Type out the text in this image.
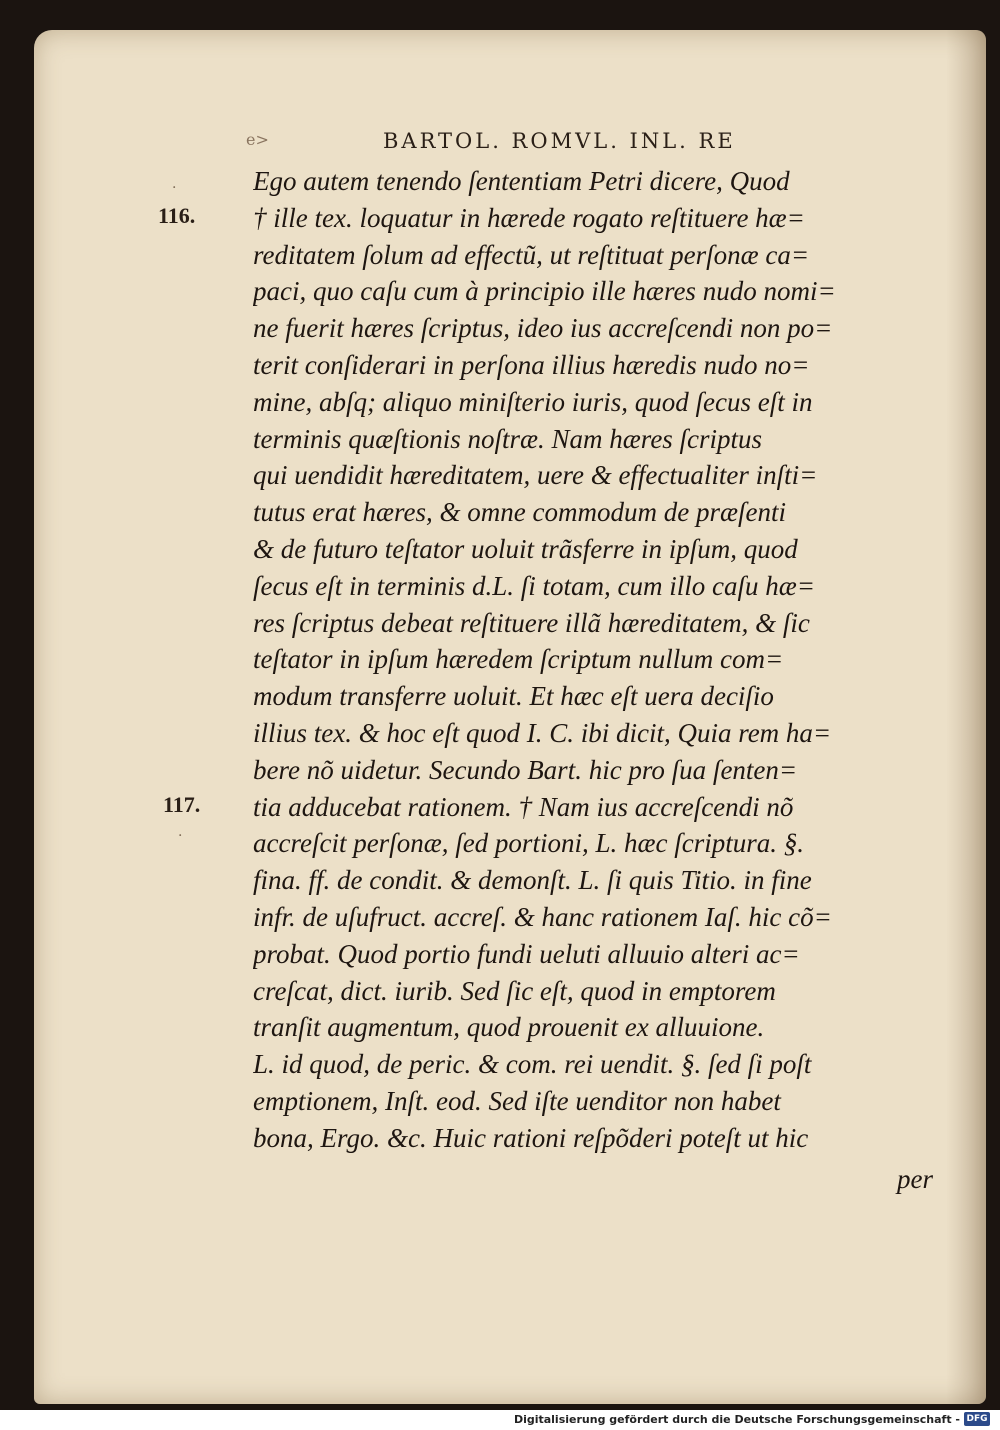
e>	BARTOL. ROMVL. INL. RE
116.
117.
·
·
Ego autem tenendo ſententiam Petri dicere, Quod
† ille tex. loquatur in hærede rogato reſtituere hæ=
reditatem ſolum ad effectũ, ut reſtituat perſonæ ca=
paci, quo caſu cum à principio ille hæres nudo nomi=
ne fuerit hæres ſcriptus, ideo ius accreſcendi non po=
terit conſiderari in perſona illius hæredis nudo no=
mine, abſq; aliquo miniſterio iuris, quod ſecus eſt in
terminis quæſtionis noſtræ. Nam hæres ſcriptus
qui uendidit hæreditatem, uere & effectualiter inſti=
tutus erat hæres, & omne commodum de præſenti
& de futuro teſtator uoluit trãsferre in ipſum, quod
ſecus eſt in terminis d.L. ſi totam, cum illo caſu hæ=
res ſcriptus debeat reſtituere illã hæreditatem, & ſic
teſtator in ipſum hæredem ſcriptum nullum com=
modum transferre uoluit. Et hæc eſt uera deciſio
illius tex. & hoc eſt quod I. C. ibi dicit, Quia rem ha=
bere nõ uidetur. Secundo Bart. hic pro ſua ſenten=
tia adducebat rationem. † Nam ius accreſcendi nõ
accreſcit perſonæ, ſed portioni, L. hæc ſcriptura. §.
fina. ff. de condit. & demonſt. L. ſi quis Titio. in fine
infr. de uſufruct. accreſ. & hanc rationem Iaſ. hic cõ=
probat. Quod portio fundi ueluti alluuio alteri ac=
creſcat, dict. iurib. Sed ſic eſt, quod in emptorem
tranſit augmentum, quod prouenit ex alluuione.
L. id quod, de peric. & com. rei uendit. §. ſed ſi poſt
emptionem, Inſt. eod. Sed iſte uenditor non habet
bona, Ergo. &c. Huic rationi reſpõderi poteſt ut hic
per
Digitalisierung gefördert durch die Deutsche Forschungsgemeinschaft - DFG
